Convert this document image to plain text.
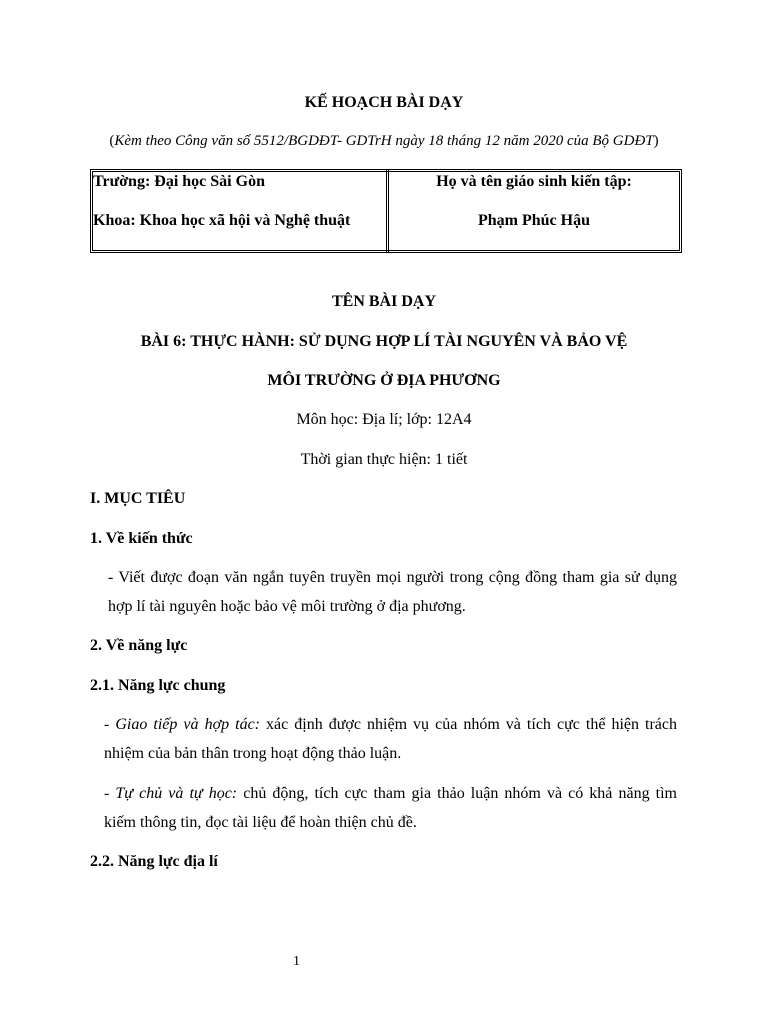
KẾ HOẠCH BÀI DẠY
(Kèm theo Công văn số 5512/BGDĐT- GDTrH ngày 18 tháng 12 năm 2020 của Bộ GDĐT)
Trường: Đại học Sài Gòn
Khoa: Khoa học xã hội và Nghệ thuật
Họ và tên giáo sinh kiến tập:
Phạm Phúc Hậu
TÊN BÀI DẠY
BÀI 6: THỰC HÀNH: SỬ DỤNG HỢP LÍ TÀI NGUYÊN VÀ BẢO VỆ
MÔI TRƯỜNG Ở ĐỊA PHƯƠNG
Môn học: Địa lí; lớp: 12A4
Thời gian thực hiện: 1 tiết
I. MỤC TIÊU
1. Về kiến thức
- Viết được đoạn văn ngắn tuyên truyền mọi người trong cộng đồng tham gia sử dụng
hợp lí tài nguyên hoặc bảo vệ môi trường ở địa phương.
2. Về năng lực
2.1. Năng lực chung
- Giao tiếp và hợp tác: xác định được nhiệm vụ của nhóm và tích cực thể hiện trách
nhiệm của bản thân trong hoạt động thảo luận.
- Tự chủ và tự học: chủ động, tích cực tham gia thảo luận nhóm và có khả năng tìm
kiếm thông tin, đọc tài liệu để hoàn thiện chủ đề.
2.2. Năng lực địa lí
1
